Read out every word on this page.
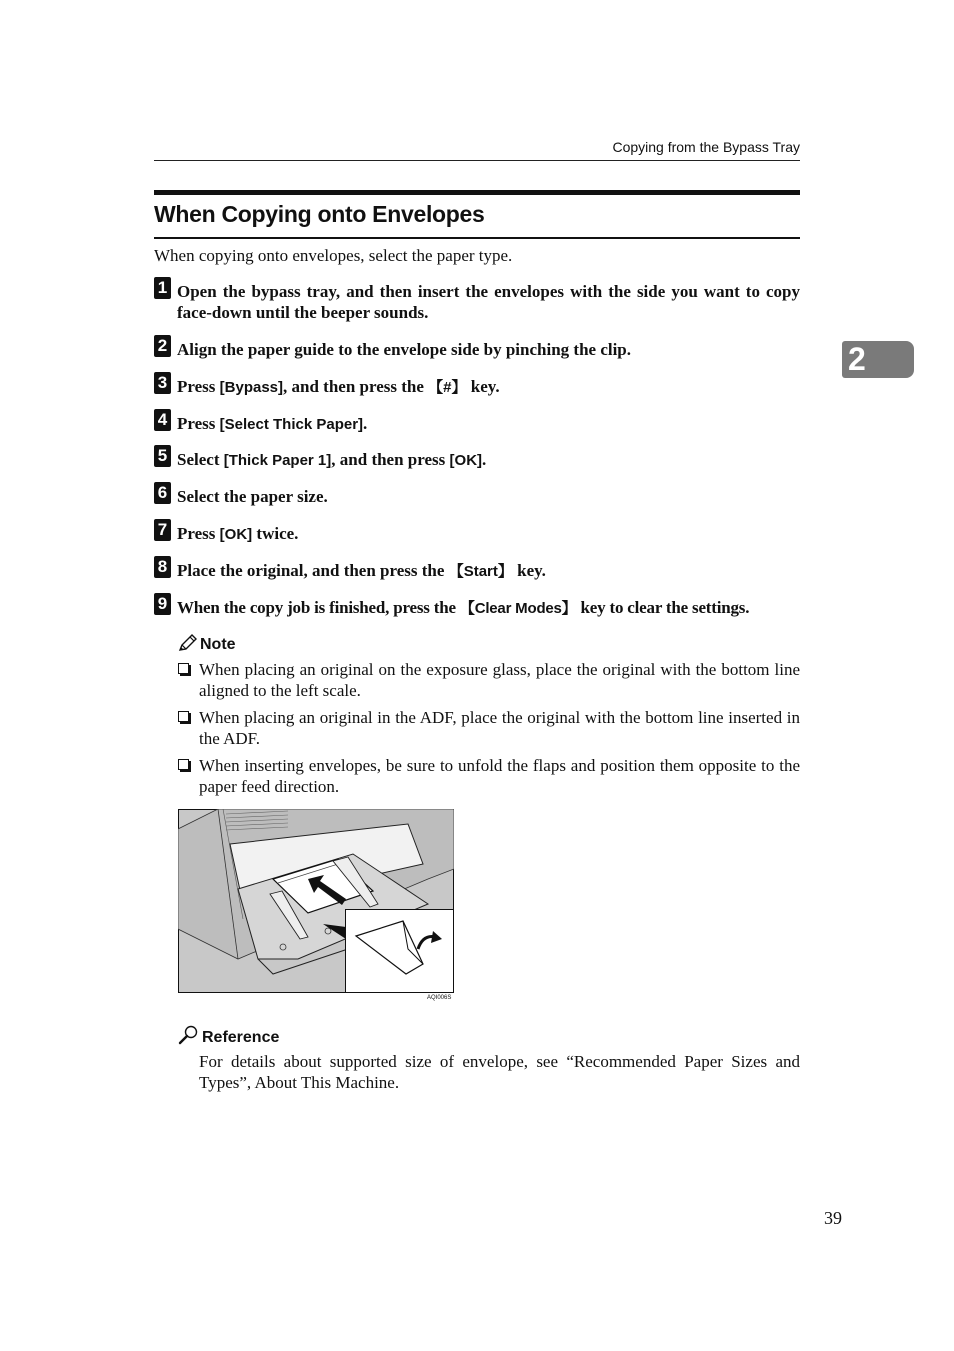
Copying from the Bypass Tray
When Copying onto Envelopes
When copying onto envelopes, select the paper type.
1 Open the bypass tray, and then insert the envelopes with the side you want to copy face-down until the beeper sounds.
2 Align the paper guide to the envelope side by pinching the clip.
3 Press [Bypass], and then press the 【#】 key.
4 Press [Select Thick Paper].
5 Select [Thick Paper 1], and then press [OK].
6 Select the paper size.
7 Press [OK] twice.
8 Place the original, and then press the 【Start】 key.
9 When the copy job is finished, press the 【Clear Modes】 key to clear the settings.
Note
When placing an original on the exposure glass, place the original with the bottom line aligned to the left scale.
When placing an original in the ADF, place the original with the bottom line inserted in the ADF.
When inserting envelopes, be sure to unfold the flaps and position them opposite to the paper feed direction.
AQI006S
Reference
For details about supported size of envelope, see “Recommended Paper Sizes and Types”, About This Machine.
2
39
